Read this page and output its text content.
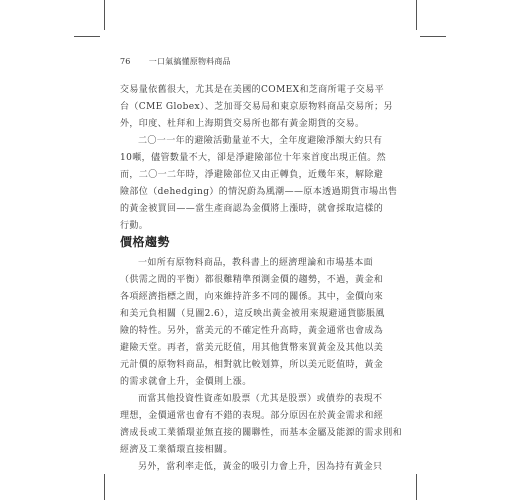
76 一口氣搞懂原物料商品
交易量依舊很大，尤其是在美國的COMEX和芝商所電子交易平
台（CME Globex）、芝加哥交易局和東京原物料商品交易所；另
外，印度、杜拜和上海期貨交易所也都有黃金期貨的交易。
二〇一一年的避險活動量並不大，全年度避險淨額大約只有
10噸，儘管數量不大，卻是淨避險部位十年來首度出現正值。然
而，二〇一二年時，淨避險部位又由正轉負，近幾年來，解除避
險部位（dehedging）的情況蔚為風潮——原本透過期貨市場出售
的黃金被買回——當生產商認為金價將上漲時，就會採取這樣的
行動。
價格趨勢
一如所有原物料商品，教科書上的經濟理論和市場基本面
（供需之間的平衡）都很難精準預測金價的趨勢，不過，黃金和
各項經濟指標之間，向來維持許多不同的關係。其中，金價向來
和美元負相關（見圖2.6），這反映出黃金被用來規避通貨膨脹風
險的特性。另外，當美元的不確定性升高時，黃金通常也會成為
避險天堂。再者，當美元貶值，用其他貨幣來買黃金及其他以美
元計價的原物料商品，相對就比較划算，所以美元貶值時，黃金
的需求就會上升，金價則上漲。
而當其他投資性資產如股票（尤其是股票）或債券的表現不
理想，金價通常也會有不錯的表現。部分原因在於黃金需求和經
濟成長或工業循環並無直接的關聯性，而基本金屬及能源的需求則和
經濟及工業循環直接相關。
另外，當利率走低，黃金的吸引力會上升，因為持有黃金只
